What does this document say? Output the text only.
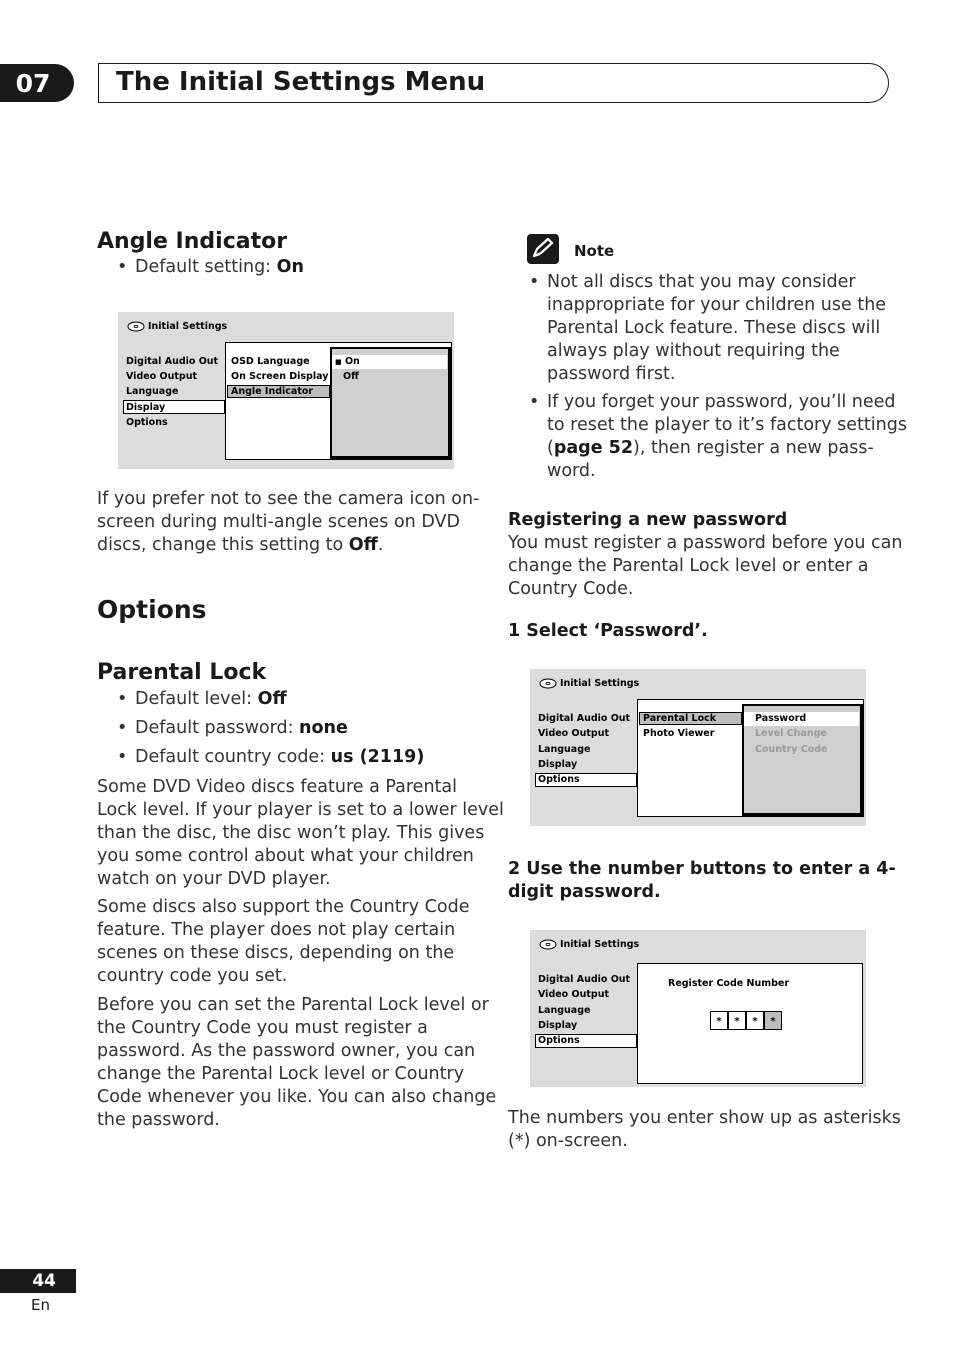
07	The Initial Settings Menu
Angle Indicator
• Default setting: On
Initial Settings
Digital Audio Out
Video Output
Language
Display
Options
OSD Language
On Screen Display
Angle Indicator
■ On
Off
If you prefer not to see the camera icon on-
screen during multi-angle scenes on DVD
discs, change this setting to Off.
Options
Parental Lock
• Default level: Off
• Default password: none
• Default country code: us (2119)
Some DVD Video discs feature a Parental
Lock level. If your player is set to a lower level
than the disc, the disc won’t play. This gives
you some control about what your children
watch on your DVD player.
Some discs also support the Country Code
feature. The player does not play certain
scenes on these discs, depending on the
country code you set.
Before you can set the Parental Lock level or
the Country Code you must register a
password. As the password owner, you can
change the Parental Lock level or Country
Code whenever you like. You can also change
the password.
Note
• Not all discs that you may consider
inappropriate for your children use the
Parental Lock feature. These discs will
always play without requiring the
password first.
• If you forget your password, you’ll need
to reset the player to it’s factory settings
(page 52), then register a new pass-
word.
Registering a new password
You must register a password before you can
change the Parental Lock level or enter a
Country Code.
1 Select ‘Password’.
Initial Settings
Digital Audio Out
Video Output
Language
Display
Options
Parental Lock
Photo Viewer
Password
Level Change
Country Code
2 Use the number buttons to enter a 4-
digit password.
Initial Settings
Digital Audio Out
Video Output
Language
Display
Options
Register Code Number
*	*	*	*
The numbers you enter show up as asterisks
(*) on-screen.
44
En
